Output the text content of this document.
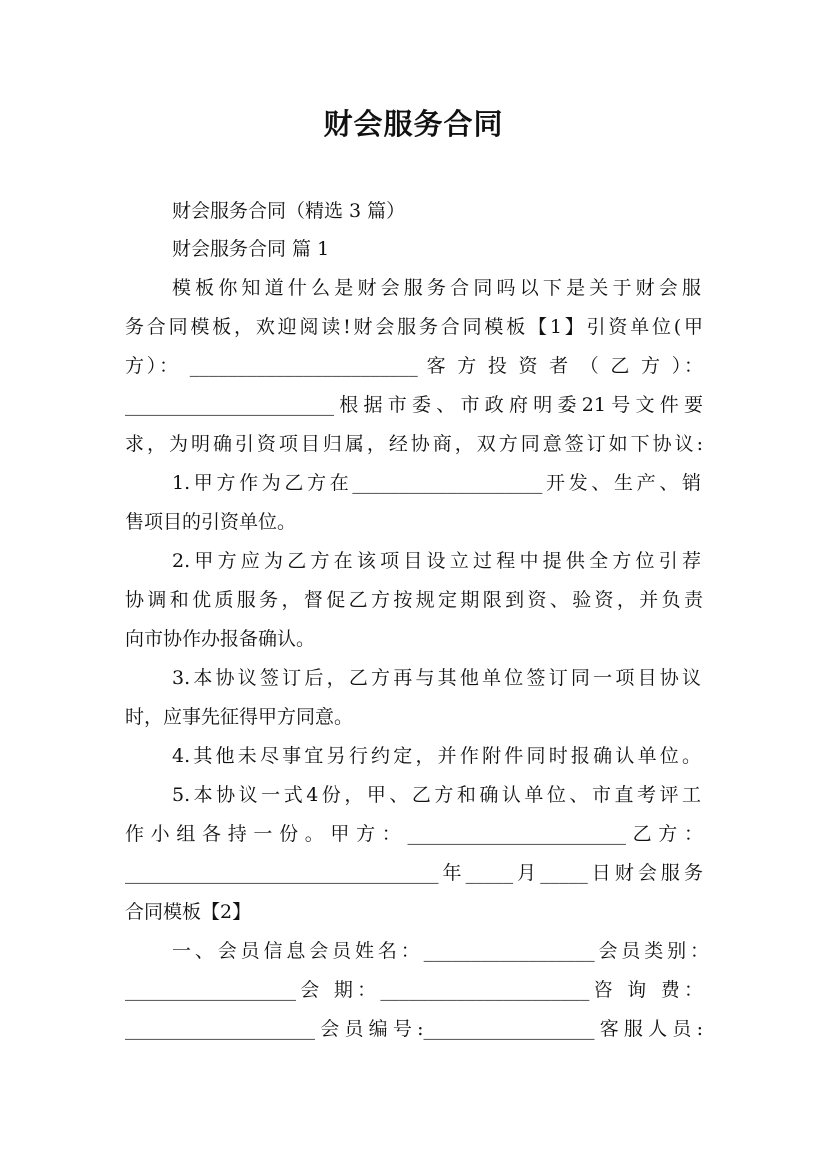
财会服务合同
财会服务合同（精选 3 篇）
财会服务合同 篇 1
模板你知道什么是财会服务合同吗以下是关于财会服
务合同模板，欢迎阅读!财会服务合同模板【1】引资单位(甲
方）： ________________________ 客 方 投 资 者 （ 乙 方 ）：
______________________根据市委、市政府明委21号文件要
求，为明确引资项目归属，经协商，双方同意签订如下协议:
1.甲方作为乙方在____________________开发、生产、销
售项目的引资单位。
2.甲方应为乙方在该项目设立过程中提供全方位引荐
协调和优质服务，督促乙方按规定期限到资、验资，并负责
向市协作办报备确认。
3.本协议签订后，乙方再与其他单位签订同一项目协议
时，应事先征得甲方同意。
4.其他未尽事宜另行约定，并作附件同时报确认单位。
5.本协议一式4份，甲、乙方和确认单位、市直考评工
作小组各持一份。甲方：_______________________乙方：
_________________________________年_____月_____日财会服务
合同模板【2】
一、会员信息会员姓名：__________________会员类别：
__________________会 期：______________________咨 询 费：
____________________会员编号:__________________客服人员:
